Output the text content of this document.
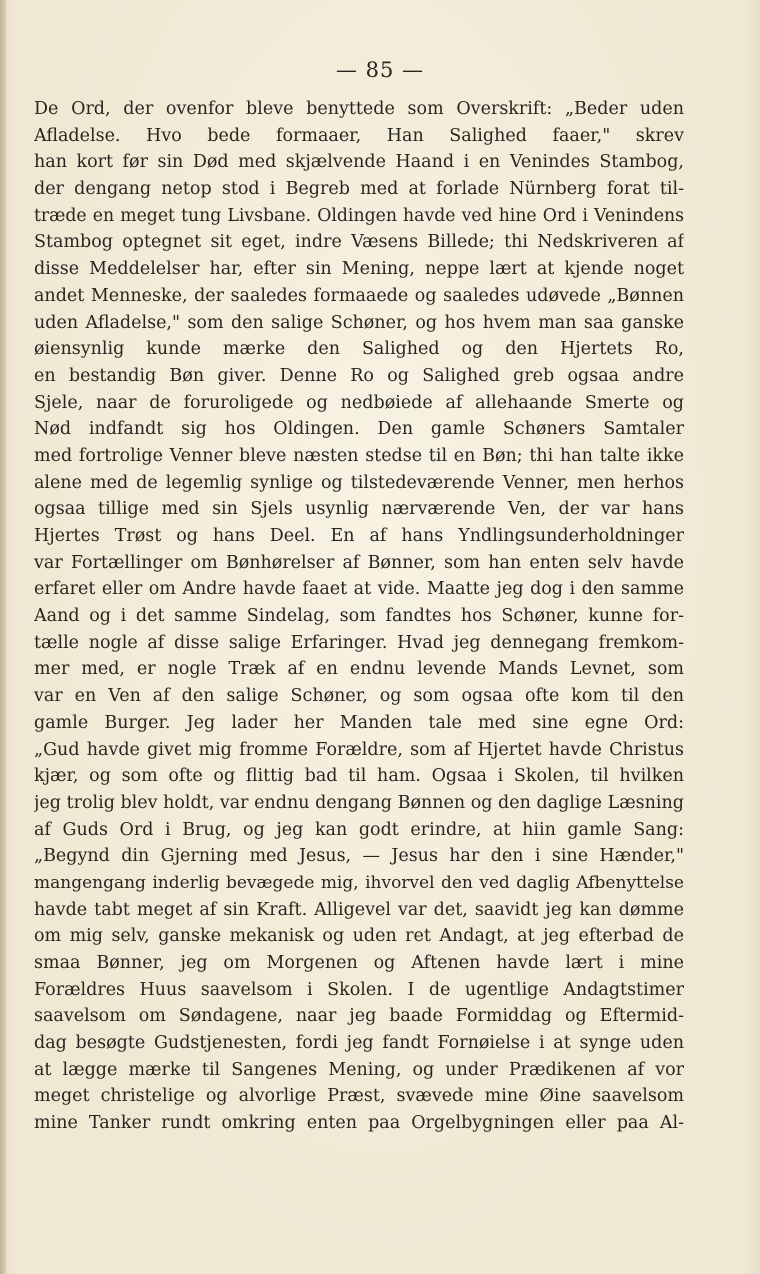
— 85 —
De Ord, der ovenfor bleve benyttede som Overskrift: „Beder uden
Afladelse. Hvo bede formaaer, Han Salighed faaer," skrev
han kort før sin Død med skjælvende Haand i en Venindes Stambog,
der dengang netop stod i Begreb med at forlade Nürnberg forat til-
træde en meget tung Livsbane. Oldingen havde ved hine Ord i Venindens
Stambog optegnet sit eget, indre Væsens Billede; thi Nedskriveren af
disse Meddelelser har, efter sin Mening, neppe lært at kjende noget
andet Menneske, der saaledes formaaede og saaledes udøvede „Bønnen
uden Afladelse," som den salige Schøner, og hos hvem man saa ganske
øiensynlig kunde mærke den Salighed og den Hjertets Ro,
en bestandig Bøn giver. Denne Ro og Salighed greb ogsaa andre
Sjele, naar de foruroligede og nedbøiede af allehaande Smerte og
Nød indfandt sig hos Oldingen. Den gamle Schøners Samtaler
med fortrolige Venner bleve næsten stedse til en Bøn; thi han talte ikke
alene med de legemlig synlige og tilstedeværende Venner, men herhos
ogsaa tillige med sin Sjels usynlig nærværende Ven, der var hans
Hjertes Trøst og hans Deel. En af hans Yndlingsunderholdninger
var Fortællinger om Bønhørelser af Bønner, som han enten selv havde
erfaret eller om Andre havde faaet at vide. Maatte jeg dog i den samme
Aand og i det samme Sindelag, som fandtes hos Schøner, kunne for-
tælle nogle af disse salige Erfaringer. Hvad jeg dennegang fremkom-
mer med, er nogle Træk af en endnu levende Mands Levnet, som
var en Ven af den salige Schøner, og som ogsaa ofte kom til den
gamle Burger. Jeg lader her Manden tale med sine egne Ord:
„Gud havde givet mig fromme Forældre, som af Hjertet havde Christus
kjær, og som ofte og flittig bad til ham. Ogsaa i Skolen, til hvilken
jeg trolig blev holdt, var endnu dengang Bønnen og den daglige Læsning
af Guds Ord i Brug, og jeg kan godt erindre, at hiin gamle Sang:
„Begynd din Gjerning med Jesus, — Jesus har den i sine Hænder,"
mangengang inderlig bevægede mig, ihvorvel den ved daglig Afbenyttelse
havde tabt meget af sin Kraft. Alligevel var det, saavidt jeg kan dømme
om mig selv, ganske mekanisk og uden ret Andagt, at jeg efterbad de
smaa Bønner, jeg om Morgenen og Aftenen havde lært i mine
Forældres Huus saavelsom i Skolen. I de ugentlige Andagtstimer
saavelsom om Søndagene, naar jeg baade Formiddag og Eftermid-
dag besøgte Gudstjenesten, fordi jeg fandt Fornøielse i at synge uden
at lægge mærke til Sangenes Mening, og under Prædikenen af vor
meget christelige og alvorlige Præst, svævede mine Øine saavelsom
mine Tanker rundt omkring enten paa Orgelbygningen eller paa Al-
